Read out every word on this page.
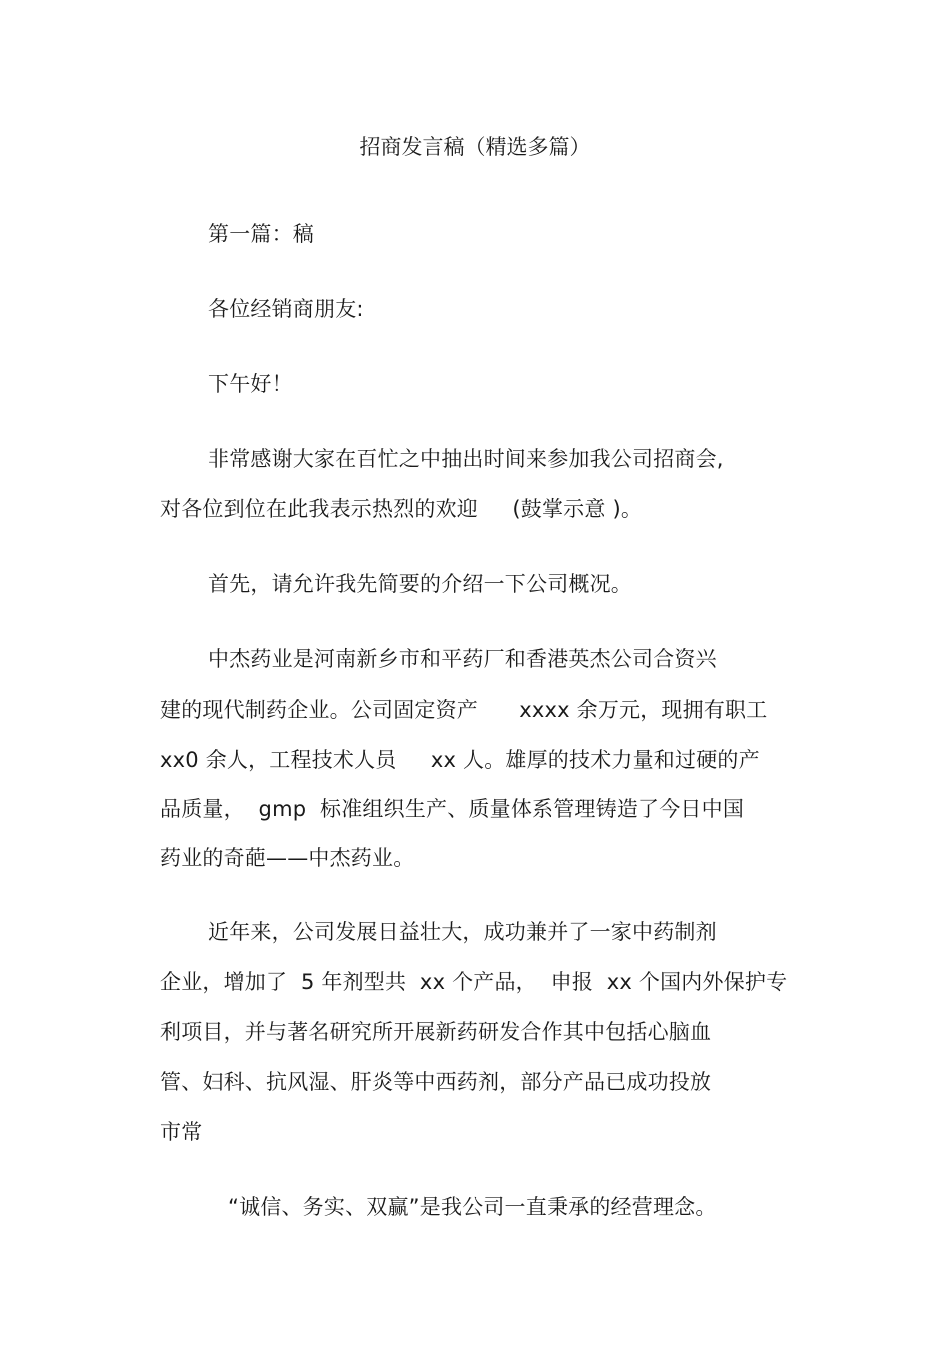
招商发言稿（精选多篇）
第一篇：稿
各位经销商朋友:
下午好！
非常感谢大家在百忙之中抽出时间来参加我公司招商会,
对各位到位在此我表示热烈的欢迎     (鼓掌示意 )。
首先，请允许我先简要的介绍一下公司概况。
中杰药业是河南新乡市和平药厂和香港英杰公司合资兴
建的现代制药企业。公司固定资产      xxxx 余万元，现拥有职工
xx0 余人，工程技术人员     xx 人。雄厚的技术力量和过硬的产
品质量，  gmp  标准组织生产、质量体系管理铸造了今日中国
药业的奇葩——中杰药业。
近年来，公司发展日益壮大，成功兼并了一家中药制剂
企业，增加了  5 年剂型共  xx 个产品，  申报  xx 个国内外保护专
利项目，并与著名研究所开展新药研发合作其中包括心脑血
管、妇科、抗风湿、肝炎等中西药剂，部分产品已成功投放
市常
“诚信、务实、双赢”是我公司一直秉承的经营理念。
